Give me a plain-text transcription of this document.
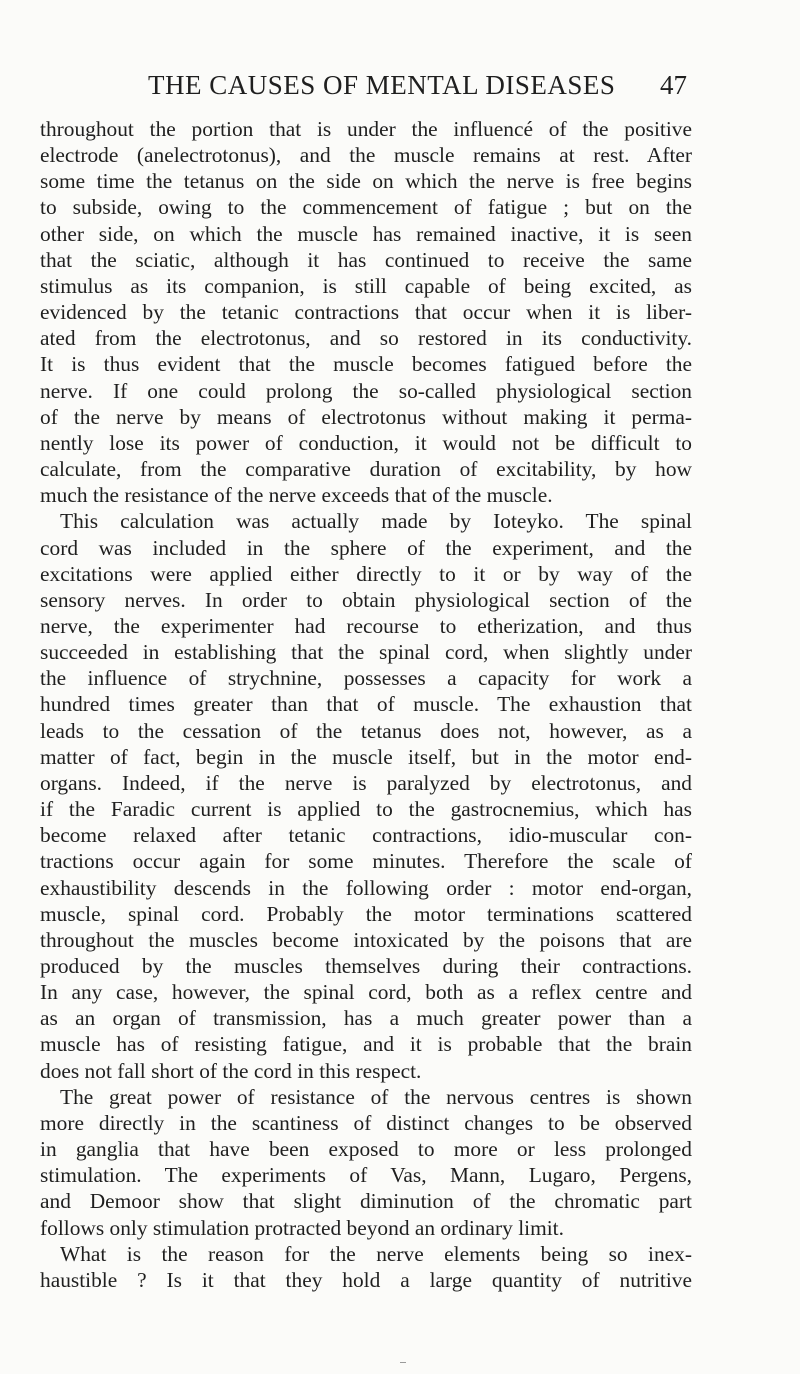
THE CAUSES OF MENTAL DISEASES 47
throughout the portion that is under the influencé of the positive
electrode (anelectrotonus), and the muscle remains at rest. After
some time the tetanus on the side on which the nerve is free begins
to subside, owing to the commencement of fatigue ; but on the
other side, on which the muscle has remained inactive, it is seen
that the sciatic, although it has continued to receive the same
stimulus as its companion, is still capable of being excited, as
evidenced by the tetanic contractions that occur when it is liber-
ated from the electrotonus, and so restored in its conductivity.
It is thus evident that the muscle becomes fatigued before the
nerve. If one could prolong the so-called physiological section
of the nerve by means of electrotonus without making it perma-
nently lose its power of conduction, it would not be difficult to
calculate, from the comparative duration of excitability, by how
much the resistance of the nerve exceeds that of the muscle.
This calculation was actually made by Ioteyko. The spinal
cord was included in the sphere of the experiment, and the
excitations were applied either directly to it or by way of the
sensory nerves. In order to obtain physiological section of the
nerve, the experimenter had recourse to etherization, and thus
succeeded in establishing that the spinal cord, when slightly under
the influence of strychnine, possesses a capacity for work a
hundred times greater than that of muscle. The exhaustion that
leads to the cessation of the tetanus does not, however, as a
matter of fact, begin in the muscle itself, but in the motor end-
organs. Indeed, if the nerve is paralyzed by electrotonus, and
if the Faradic current is applied to the gastrocnemius, which has
become relaxed after tetanic contractions, idio-muscular con-
tractions occur again for some minutes. Therefore the scale of
exhaustibility descends in the following order : motor end-organ,
muscle, spinal cord. Probably the motor terminations scattered
throughout the muscles become intoxicated by the poisons that are
produced by the muscles themselves during their contractions.
In any case, however, the spinal cord, both as a reflex centre and
as an organ of transmission, has a much greater power than a
muscle has of resisting fatigue, and it is probable that the brain
does not fall short of the cord in this respect.
The great power of resistance of the nervous centres is shown
more directly in the scantiness of distinct changes to be observed
in ganglia that have been exposed to more or less prolonged
stimulation. The experiments of Vas, Mann, Lugaro, Pergens,
and Demoor show that slight diminution of the chromatic part
follows only stimulation protracted beyond an ordinary limit.
What is the reason for the nerve elements being so inex-
haustible ? Is it that they hold a large quantity of nutritive
